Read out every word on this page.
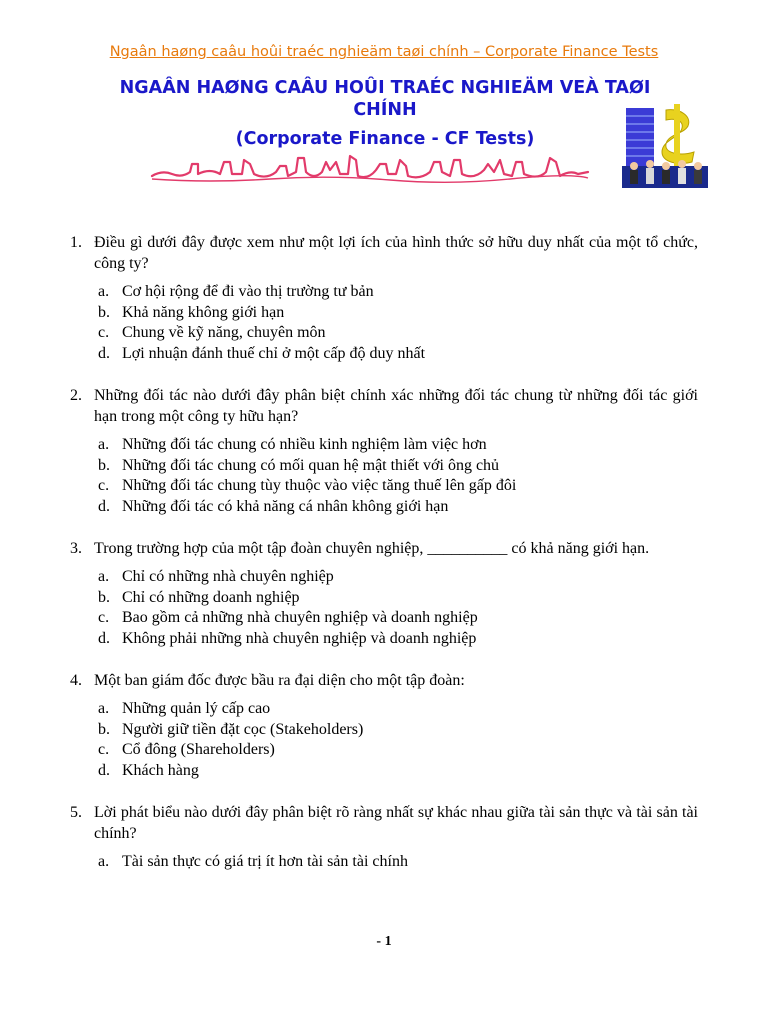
Ngaân haøng caâu hoûi traéc nghieäm taøi chính – Corporate Finance Tests
NGAÂN HAØNG CAÂU HOÛI TRAÉC NGHIEÄM VEÀ TAØI CHÍNH
(Corporate Finance - CF Tests)
1. Điều gì dưới đây được xem như một lợi ích của hình thức sở hữu duy nhất của một tổ chức, công ty?
a. Cơ hội rộng để đi vào thị trường tư bản
b. Khả năng không giới hạn
c. Chung về kỹ năng, chuyên môn
d. Lợi nhuận đánh thuế chỉ ở một cấp độ duy nhất
2. Những đối tác nào dưới đây phân biệt chính xác những đối tác chung từ những đối tác giới hạn trong một công ty hữu hạn?
a. Những đối tác chung có nhiều kinh nghiệm làm việc hơn
b. Những đối tác chung có mối quan hệ mật thiết với ông chủ
c. Những đối tác chung tùy thuộc vào việc tăng thuế lên gấp đôi
d. Những đối tác có khả năng cá nhân không giới hạn
3. Trong trường hợp của một tập đoàn chuyên nghiệp, __________ có khả năng giới hạn.
a. Chỉ có những nhà chuyên nghiệp
b. Chỉ có những doanh nghiệp
c. Bao gồm cả những nhà chuyên nghiệp và doanh nghiệp
d. Không phải những nhà chuyên nghiệp và doanh nghiệp
4. Một ban giám đốc được bầu ra đại diện cho một tập đoàn:
a. Những quản lý cấp cao
b. Người giữ tiền đặt cọc (Stakeholders)
c. Cổ đông (Shareholders)
d. Khách hàng
5. Lời phát biểu nào dưới đây phân biệt rõ ràng nhất sự khác nhau giữa tài sản thực và tài sản tài chính?
a. Tài sản thực có giá trị ít hơn tài sản tài chính
- 1
